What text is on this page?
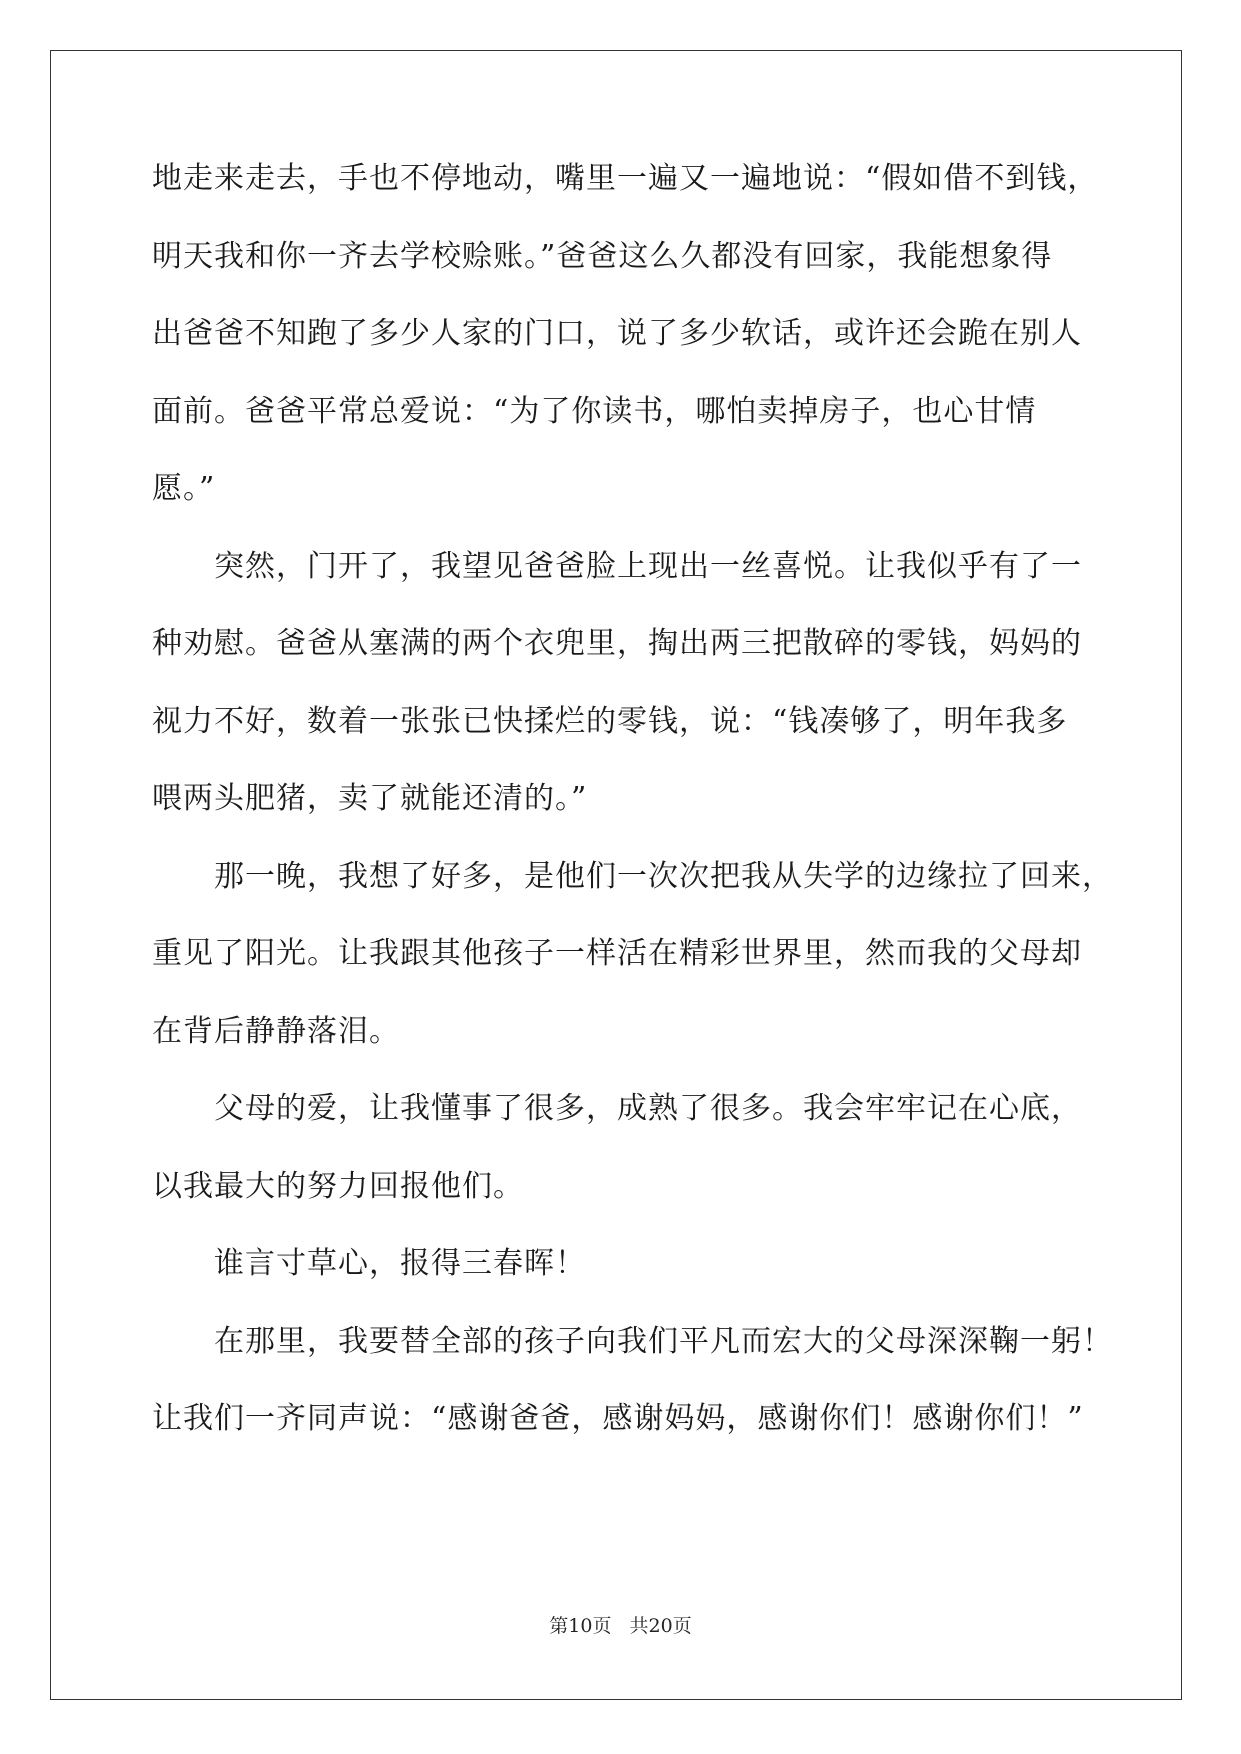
地走来走去，手也不停地动，嘴里一遍又一遍地说：“假如借不到钱，
明天我和你一齐去学校赊账。”爸爸这么久都没有回家，我能想象得
出爸爸不知跑了多少人家的门口，说了多少软话，或许还会跪在别人
面前。爸爸平常总爱说：“为了你读书，哪怕卖掉房子，也心甘情
愿。”
突然，门开了，我望见爸爸脸上现出一丝喜悦。让我似乎有了一
种劝慰。爸爸从塞满的两个衣兜里，掏出两三把散碎的零钱，妈妈的
视力不好，数着一张张已快揉烂的零钱，说：“钱凑够了，明年我多
喂两头肥猪，卖了就能还清的。”
那一晚，我想了好多，是他们一次次把我从失学的边缘拉了回来，
重见了阳光。让我跟其他孩子一样活在精彩世界里，然而我的父母却
在背后静静落泪。
父母的爱，让我懂事了很多，成熟了很多。我会牢牢记在心底，
以我最大的努力回报他们。
谁言寸草心，报得三春晖！
在那里，我要替全部的孩子向我们平凡而宏大的父母深深鞠一躬！
让我们一齐同声说：“感谢爸爸，感谢妈妈，感谢你们！感谢你们！”
第10页 共20页
